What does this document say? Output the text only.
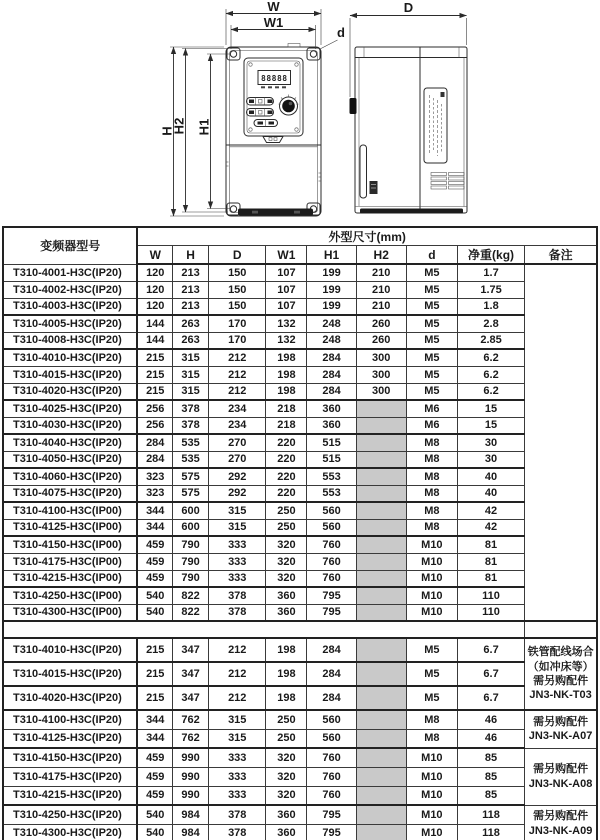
88888
W
W1
H
H2 H1
D
d
变频器型号	外型尺寸(mm)								
	W	H	D	W1	H1	H2	d	净重(kg)	备注
T310-4001-H3C(IP20)	120	213	150	107	199	210	M5	1.7	
T310-4002-H3C(IP20)	120	213	150	107	199	210	M5	1.75	
T310-4003-H3C(IP20)	120	213	150	107	199	210	M5	1.8	
T310-4005-H3C(IP20)	144	263	170	132	248	260	M5	2.8	
T310-4008-H3C(IP20)	144	263	170	132	248	260	M5	2.85	
T310-4010-H3C(IP20)	215	315	212	198	284	300	M5	6.2	
T310-4015-H3C(IP20)	215	315	212	198	284	300	M5	6.2	
T310-4020-H3C(IP20)	215	315	212	198	284	300	M5	6.2	
T310-4025-H3C(IP20)	256	378	234	218	360		M6	15	
T310-4030-H3C(IP20)	256	378	234	218	360		M6	15	
T310-4040-H3C(IP20)	284	535	270	220	515		M8	30	
T310-4050-H3C(IP20)	284	535	270	220	515		M8	30	
T310-4060-H3C(IP20)	323	575	292	220	553		M8	40	
T310-4075-H3C(IP20)	323	575	292	220	553		M8	40	
T310-4100-H3C(IP00)	344	600	315	250	560		M8	42	
T310-4125-H3C(IP00)	344	600	315	250	560		M8	42	
T310-4150-H3C(IP00)	459	790	333	320	760		M10	81	
T310-4175-H3C(IP00)	459	790	333	320	760		M10	81	
T310-4215-H3C(IP00)	459	790	333	320	760		M10	81	
T310-4250-H3C(IP00)	540	822	378	360	795		M10	110	
T310-4300-H3C(IP00)	540	822	378	360	795		M10	110	

T310-4010-H3C(IP20)	215	347	212	198	284		M5	6.7	铁管配线场合
（如冲床等）
需另购配件
JN3-NK-T03

T310-4015-H3C(IP20)	215	347	212	198	284		M5	6.7	
T310-4020-H3C(IP20)	215	347	212	198	284		M5	6.7	
T310-4100-H3C(IP20)	344	762	315	250	560		M8	46	需另购配件
JN3-NK-A07

T310-4125-H3C(IP20)	344	762	315	250	560		M8	46	
T310-4150-H3C(IP20)	459	990	333	320	760		M10	85	需另购配件
JN3-NK-A08

T310-4175-H3C(IP20)	459	990	333	320	760		M10	85	
T310-4215-H3C(IP20)	459	990	333	320	760		M10	85	
T310-4250-H3C(IP20)	540	984	378	360	795		M10	118	需另购配件
JN3-NK-A09

T310-4300-H3C(IP20)	540	984	378	360	795		M10	118	
